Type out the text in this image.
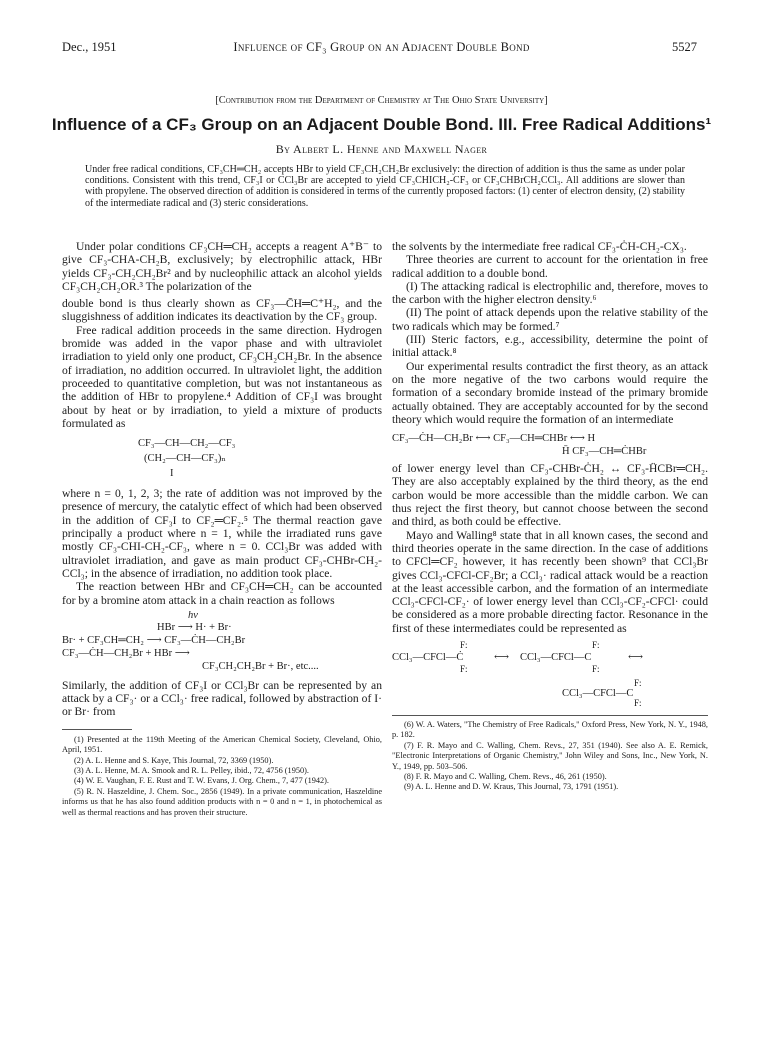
Dec., 1951	Influence of CF₃ Group on an Adjacent Double Bond	5527
[Contribution from the Department of Chemistry at The Ohio State University]
Influence of a CF₃ Group on an Adjacent Double Bond. III. Free Radical Additions¹
By Albert L. Henne and Maxwell Nager
Under free radical conditions, CF₃CH═CH₂ accepts HBr to yield CF₃CH₂CH₂Br exclusively: the direction of addition is thus the same as under polar conditions. Consistent with this trend, CF₃I or CCl₃Br are accepted to yield CF₃CHICH₂-CF₃ or CF₃CHBrCH₂CCl₃. All additions are slower than with propylene. The observed direction of addition is considered in terms of the currently proposed factors: (1) center of electron density, (2) stability of the intermediate radical and (3) steric considerations.

Under polar conditions CF₃CH═CH₂ accepts a reagent A⁺B⁻ to give CF₃-CHA-CH₂B, exclusively; by electrophilic attack, HBr yields CF₃-CH₂CH₂Br² and by nucleophilic attack an alcohol yields CF₃CH₂CH₂OR.³ The polarization of the

double bond is thus clearly shown as CF₃—C̄H═C⁺H₂, and the sluggishness of addition indicates its deactivation by the CF₃ group.

Free radical addition proceeds in the same direction. Hydrogen bromide was added in the vapor phase and with ultraviolet irradiation to yield only one product, CF₃CH₂CH₂Br. In the absence of irradiation, no addition occurred. In ultraviolet light, the addition proceeded to quantitative completion, but was not instantaneous as the addition of HBr to propylene.⁴ Addition of CF₃I was brought about by heat or by irradiation, to yield a mixture of products formulated as

CF₃—CH—CH₂—CF₃
(CH₂—CH—CF₃)ₙ
I

where n = 0, 1, 2, 3; the rate of addition was not improved by the presence of mercury, the catalytic effect of which had been observed in the addition of CF₃I to CF₂═CF₂.⁵ The thermal reaction gave principally a product where n = 1, while the irradiated runs gave mostly CF₃-CHI-CH₂-CF₃, where n = 0. CCl₃Br was added with ultraviolet irradiation, and gave as main product CF₃-CHBr-CH₂-CCl₃; in the absence of irradiation, no addition took place.

The reaction between HBr and CF₃CH═CH₂ can be accounted for by a bromine atom attack in a chain reaction as follows

hν
HBr ⟶ H· + Br·
Br· + CF₃CH═CH₂ ⟶ CF₃—ĊH—CH₂Br
CF₃—ĊH—CH₂Br + HBr ⟶
CF₃CH₂CH₂Br + Br·, etc....

Similarly, the addition of CF₃I or CCl₃Br can be represented by an attack by a CF₃· or a CCl₃· free radical, followed by abstraction of I· or Br· from

(1) Presented at the 119th Meeting of the American Chemical Society, Cleveland, Ohio, April, 1951.

(2) A. L. Henne and S. Kaye, This Journal, 72, 3369 (1950).

(3) A. L. Henne, M. A. Smook and R. L. Pelley, ibid., 72, 4756 (1950).

(4) W. E. Vaughan, F. E. Rust and T. W. Evans, J. Org. Chem., 7, 477 (1942).

(5) R. N. Haszeldine, J. Chem. Soc., 2856 (1949). In a private communication, Haszeldine informs us that he has also found addition products with n = 0 and n = 1, in photochemical as well as thermal reactions and has proven their structure.

the solvents by the intermediate free radical CF₃-ĊH-CH₂-CX₃.

Three theories are current to account for the orientation in free radical addition to a double bond.

(I) The attacking radical is electrophilic and, therefore, moves to the carbon with the higher electron density.⁶

(II) The point of attack depends upon the relative stability of the two radicals which may be formed.⁷

(III) Steric factors, e.g., accessibility, determine the point of initial attack.⁸

Our experimental results contradict the first theory, as an attack on the more negative of the two carbons would require the formation of a secondary bromide instead of the primary bromide actually obtained. They are acceptably accounted for by the second theory which would require the formation of an intermediate

CF₃—ĊH—CH₂Br ⟷ CF₃—CH═CHBr ⟷ H
H̄ CF₃—CH═ĊHBr

of lower energy level than CF₃-CHBr-ĊH₂ ↔ CF₃-ḦCBr═CH₂. They are also acceptably explained by the third theory, as the end carbon would be more accessible than the middle carbon. We can thus reject the first theory, but cannot choose between the second and third, as both could be effective.

Mayo and Walling⁸ state that in all known cases, the second and third theories operate in the same direction. In the case of additions to CFCl═CF₂ however, it has recently been shown⁹ that CCl₃Br gives CCl₃-CFCl-CF₂Br; a CCl₃· radical attack would be a reaction at the least accessible carbon, and the formation of an intermediate CCl₃-CFCl-CF₂· of lower energy level than CCl₃-CF₂-CFCl· could be considered as a more probable directing factor. Resonance in the first of these intermediates could be represented as

CCl₃—CFCl—Ċ
F:
F:
⟷ CCl₃—CFCl—C
F:
F:
⟷
CCl₃—CFCl—C
F:
F:

(6) W. A. Waters, "The Chemistry of Free Radicals," Oxford Press, New York, N. Y., 1948, p. 182.

(7) F. R. Mayo and C. Walling, Chem. Revs., 27, 351 (1940). See also A. E. Remick, "Electronic Interpretations of Organic Chemistry," John Wiley and Sons, Inc., New York, N. Y., 1949, pp. 503–506.

(8) F. R. Mayo and C. Walling, Chem. Revs., 46, 261 (1950).

(9) A. L. Henne and D. W. Kraus, This Journal, 73, 1791 (1951).
